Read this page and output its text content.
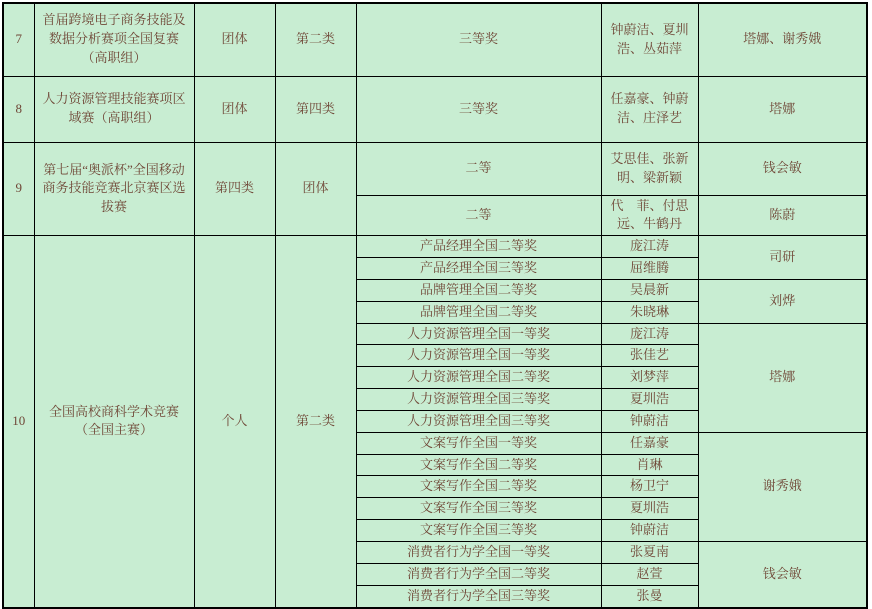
7	首届跨境电子商务技能及数据分析赛项全国复赛（高职组）	团体	第二类	三等奖	钟蔚洁、夏圳浩、丛茹萍	塔娜、谢秀娥
8	人力资源管理技能赛项区域赛（高职组）	团体	第四类	三等奖	任嘉豪、钟蔚洁、庄泽艺	塔娜
9	第七届“奥派杯”全国移动商务技能竞赛北京赛区选拔赛	第四类	团体	二等	艾思佳、张新明、梁新颖	钱会敏
				二等	代　菲、付思远、牛鹤丹	陈蔚
10	全国高校商科学术竞赛（全国主赛）	个人	第二类	产品经理全国二等奖	庞江涛	司研
				产品经理全国三等奖	屈维腾	
				品牌管理全国二等奖	吴晨新	刘烨
				品牌管理全国二等奖	朱晓琳	
				人力资源管理全国一等奖	庞江涛	塔娜
				人力资源管理全国一等奖	张佳艺	
				人力资源管理全国二等奖	刘梦萍	
				人力资源管理全国三等奖	夏圳浩	
				人力资源管理全国三等奖	钟蔚洁	
				文案写作全国一等奖	任嘉豪	谢秀娥
				文案写作全国二等奖	肖琳	
				文案写作全国二等奖	杨卫宁	
				文案写作全国三等奖	夏圳浩	
				文案写作全国三等奖	钟蔚洁	
				消费者行为学全国一等奖	张夏南	钱会敏
				消费者行为学全国二等奖	赵萱	
				消费者行为学全国三等奖	张曼	
